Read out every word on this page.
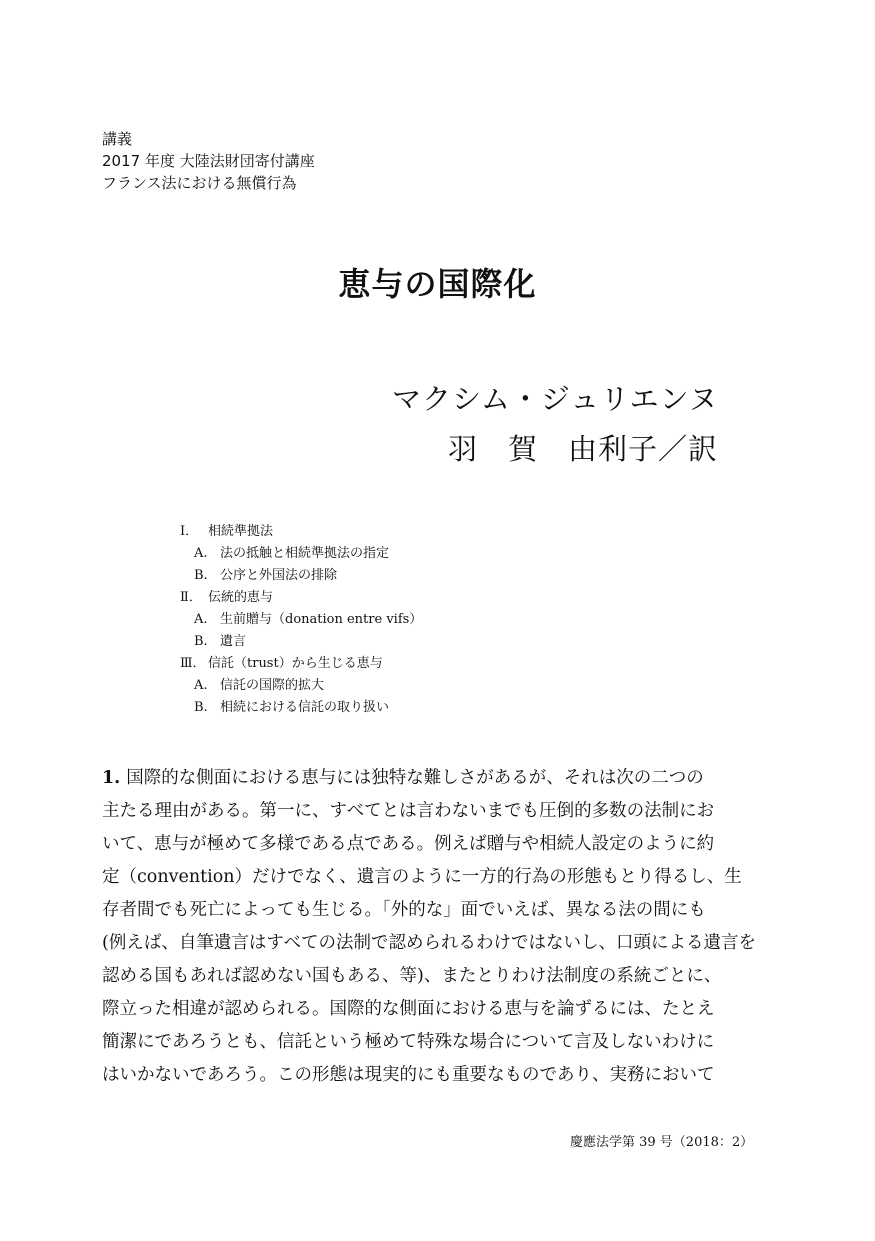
講義
2017 年度 大陸法財団寄付講座
フランス法における無償行為
恵与の国際化
マクシム・ジュリエンヌ
羽　賀　由利子／訳
Ⅰ． 相続準拠法
A. 法の抵触と相続準拠法の指定
B. 公序と外国法の排除
Ⅱ． 伝統的恵与
A. 生前贈与（donation entre vifs）
B. 遺言
Ⅲ． 信託（trust）から生じる恵与
A. 信託の国際的拡大
B. 相続における信託の取り扱い
1. 国際的な側面における恵与には独特な難しさがあるが、それは次の二つの
主たる理由がある。第一に、すべてとは言わないまでも圧倒的多数の法制にお
いて、恵与が極めて多様である点である。例えば贈与や相続人設定のように約
定（convention）だけでなく、遺言のように一方的行為の形態もとり得るし、生
存者間でも死亡によっても生じる。「外的な」面でいえば、異なる法の間にも
(例えば、自筆遺言はすべての法制で認められるわけではないし、口頭による遺言を
認める国もあれば認めない国もある、等)、またとりわけ法制度の系統ごとに、
際立った相違が認められる。国際的な側面における恵与を論ずるには、たとえ
簡潔にであろうとも、信託という極めて特殊な場合について言及しないわけに
はいかないであろう。この形態は現実的にも重要なものであり、実務において
慶應法学第 39 号（2018：2）
